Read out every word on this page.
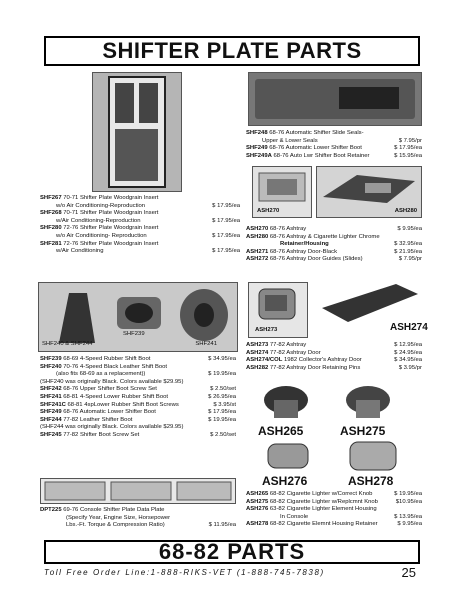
SHIFTER PLATE PARTS
SHF248 68-76 Automatic Shifter Slide Seals-
Upper & Lower Seals	$ 7.95/pr
SHF249 68-76 Automatic Lower Shifter Boot	$ 17.95/ea
SHF249A 68-76 Auto Lwr Shifter Boot Retainer	$ 15.95/ea
ASH270	ASH280
SHF267 70-71 Shifter Plate Woodgrain Insert
w/o Air Conditioning-Reproduction	$ 17.95/ea
SHF268 70-71 Shifter Plate Woodgrain Insert
w/Air Conditioning-Reproduction	$ 17.95/ea
SHF280 72-76 Shifter Plate Woodgrain Insert
w/o Air Conditioning- Reproduction	$ 17.95/ea
SHF281 72-76 Shifter Plate Woodgrain Insert
w/Air Conditioning	$ 17.95/ea
ASH270 68-76 Ashtray	$ 9.95/ea
ASH280 68-76 Ashtray & Cigarette Lighter Chrome
Retainer/Housing	$ 32.95/ea
ASH271 68-76 Ashtray Door-Black	$ 21.95/ea
ASH272 68-76 Ashtray Door Guides (Slides)	$ 7.95/pr
SHF240 & SHF244
SHF239
SHF241
ASH273	ASH274
SHF239 68-69 4-Speed Rubber Shift Boot	$ 34.95/ea
SHF240 70-76 4-Speed Black Leather Shift Boot
(also fits 68-69 as a replacement))	$ 19.95/ea
(SHF240 was originally Black. Colors available $29.95)
SHF242 68-76 Upper Shifter Boot Screw Set	$ 2.50/set
SHF241 68-81 4-Speed Lower Rubber Shift Boot	$ 26.95/ea
SHF241C 68-81 4spLower Rubber Shift Boot Screws	$ 3.95/st
SHF249 68-76 Automatic Lower Shifter Boot	$ 17.95/ea
SHF244 77-82 Leather Shifter Boot	$ 19.95/ea
(SHF244 was originally Black. Colors available $29.95)
SHF245 77-82 Shifter Boot Screw Set	$ 2.50/set
ASH273 77-82 Ashtray	$ 12.95/ea
ASH274 77-82 Ashtray Door	$ 24.95/ea
ASH274/COL 1982 Collector's Ashtray Door	$ 34.95/ea
ASH282 77-82 Ashtray Door Retaining Pins	$ 3.95/pr
ASH265	ASH275
ASH276	ASH278
DPT225 69-76 Console Shifter Plate Data Plate
(Specify Year, Engine Size, Horsepower
Lbs.-Ft. Torque & Compression Ratio)	$ 11.95/ea
ASH265 68-82 Cigarette Lighter w/Correct Knob	$ 19.95/ea
ASH275 68-82 Cigarette Lighter w/Replcmnt Knob	$10.95/ea
ASH276 63-82 Cigarette Lighter Element Housing
In Console	$ 13.95/ea
ASH278 68-82 Cigarette Elemnt Housing Retainer	$ 9.95/ea
68-82 PARTS
Toll Free Order Line:1-888-RIKS-VET (1-888-745-7838)	25
